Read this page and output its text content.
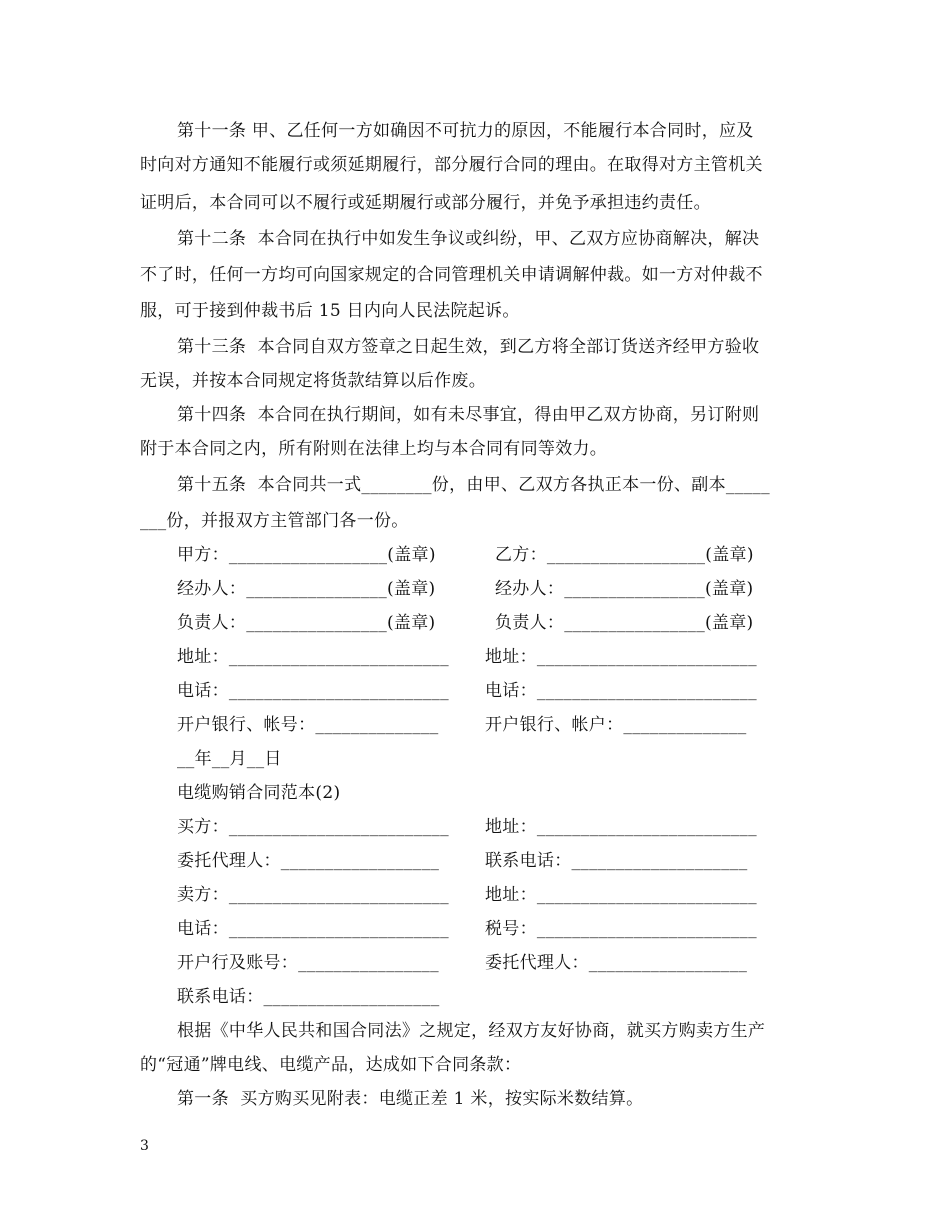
第十一条 甲、乙任何一方如确因不可抗力的原因，不能履行本合同时，应及
时向对方通知不能履行或须延期履行，部分履行合同的理由。在取得对方主管机关
证明后，本合同可以不履行或延期履行或部分履行，并免予承担违约责任。
第十二条  本合同在执行中如发生争议或纠纷，甲、乙双方应协商解决，解决
不了时，任何一方均可向国家规定的合同管理机关申请调解仲裁。如一方对仲裁不
服，可于接到仲裁书后 15 日内向人民法院起诉。
第十三条  本合同自双方签章之日起生效，到乙方将全部订货送齐经甲方验收
无误，并按本合同规定将货款结算以后作废。
第十四条  本合同在执行期间，如有未尽事宜，得由甲乙双方协商，另订附则
附于本合同之内，所有附则在法律上均与本合同有同等效力。
第十五条  本合同共一式________份，由甲、乙双方各执正本一份、副本_____
___份，并报双方主管部门各一份。
甲方：__________________(盖章)	乙方：__________________(盖章)
经办人：________________(盖章)	经办人：________________(盖章)
负责人：________________(盖章)	负责人：________________(盖章)
地址：_________________________ 地址：_________________________
电话：_________________________ 电话：_________________________
开户银行、帐号：______________	开户银行、帐户：______________
__年__月__日
电缆购销合同范本(2)
买方：_________________________ 地址：_________________________
委托代理人：__________________	联系电话：____________________
卖方：_________________________ 地址：_________________________
电话：_________________________ 税号：_________________________
开户行及账号：________________	委托代理人：__________________
联系电话：____________________
根据《中华人民共和国合同法》之规定，经双方友好协商，就买方购卖方生产
的“冠通”牌电线、电缆产品，达成如下合同条款：
第一条  买方购买见附表：电缆正差 1 米，按实际米数结算。
3
